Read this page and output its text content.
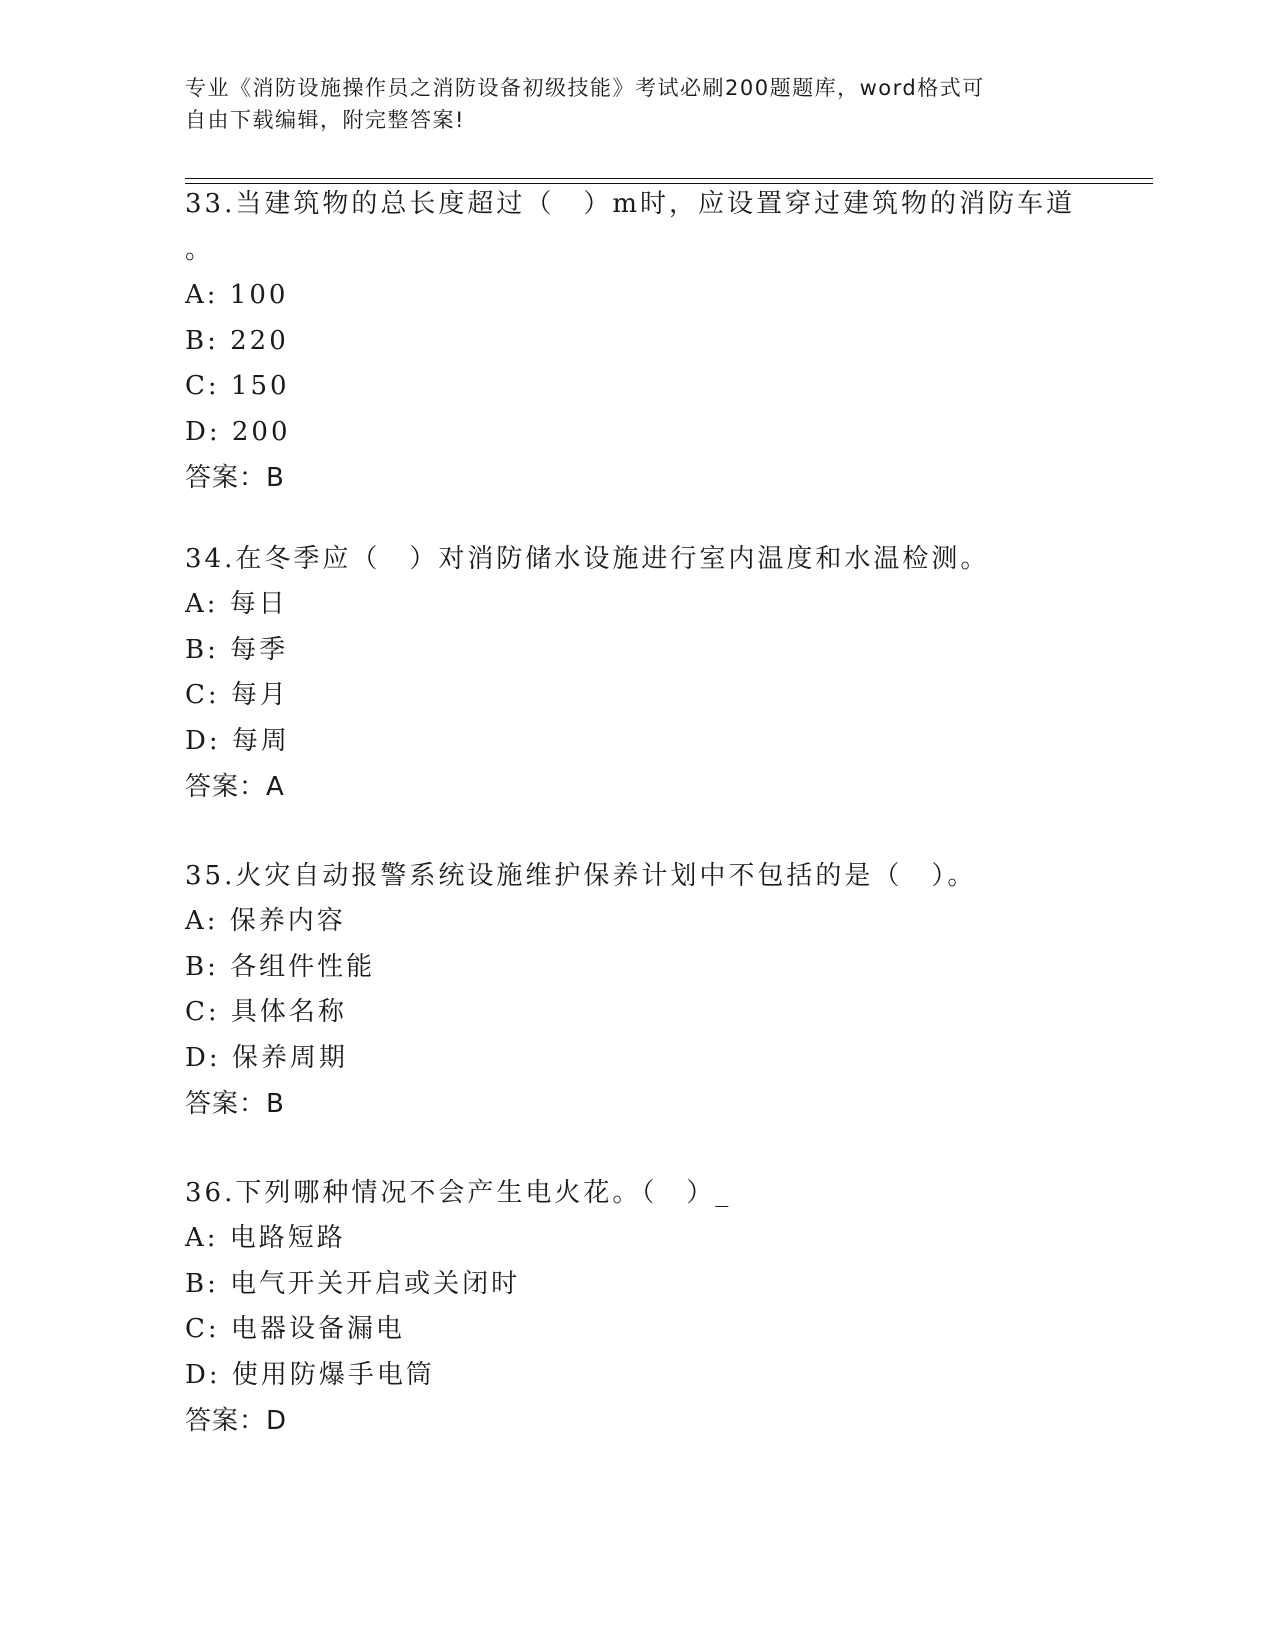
专业《消防设施操作员之消防设备初级技能》考试必刷200题题库，word格式可
自由下载编辑，附完整答案!
33.当建筑物的总长度超过（　）m时，应设置穿过建筑物的消防车道
。
A: 100
B: 220
C: 150
D: 200
答案：B
34.在冬季应（　）对消防储水设施进行室内温度和水温检测。
A: 每日
B: 每季
C: 每月
D: 每周
答案：A
35.火灾自动报警系统设施维护保养计划中不包括的是（　）。
A: 保养内容
B: 各组件性能
C: 具体名称
D: 保养周期
答案：B
36.下列哪种情况不会产生电火花。（　）_
A: 电路短路
B: 电气开关开启或关闭时
C: 电器设备漏电
D: 使用防爆手电筒
答案：D
